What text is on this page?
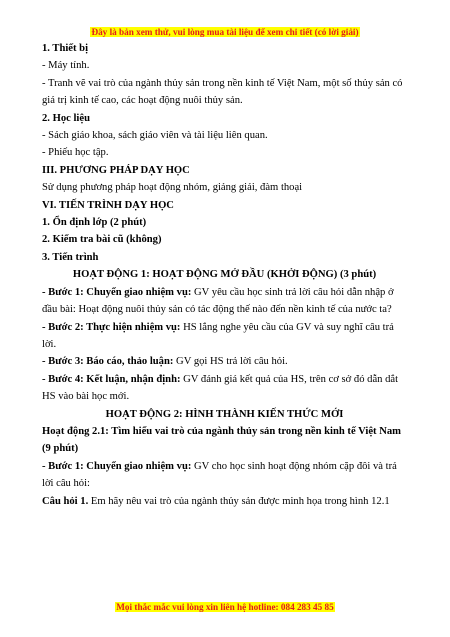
Đây là bản xem thử, vui lòng mua tài liệu để xem chi tiết (có lời giải)

1. Thiết bị

- Máy tính.

- Tranh vẽ vai trò của ngành thủy sản trong nền kinh tế Việt Nam, một số thủy sản có giá trị kinh tế cao, các hoạt động nuôi thủy sản.

2. Học liệu

- Sách giáo khoa, sách giáo viên và tài liệu liên quan.

- Phiếu học tập.

III. PHƯƠNG PHÁP DẠY HỌC

Sử dụng phương pháp hoạt động nhóm, giảng giải, đàm thoại

VI. TIẾN TRÌNH DẠY HỌC

1. Ổn định lớp (2 phút)

2. Kiểm tra bài cũ (không)

3. Tiến trình

HOẠT ĐỘNG 1: HOẠT ĐỘNG MỞ ĐẦU (KHỞI ĐỘNG) (3 phút)

- Bước 1: Chuyển giao nhiệm vụ: GV yêu cầu học sinh trả lời câu hỏi dẫn nhập ở đầu bài: Hoạt động nuôi thủy sản có tác động thế nào đến nền kinh tế của nước ta?

- Bước 2: Thực hiện nhiệm vụ: HS lắng nghe yêu cầu của GV và suy nghĩ câu trả lời.

- Bước 3: Báo cáo, thảo luận: GV gọi HS trả lời câu hỏi.

- Bước 4: Kết luận, nhận định: GV đánh giá kết quả của HS, trên cơ sở đó dẫn dắt HS vào bài học mới.

HOẠT ĐỘNG 2: HÌNH THÀNH KIẾN THỨC MỚI

Hoạt động 2.1: Tìm hiểu vai trò của ngành thủy sản trong nền kinh tế Việt Nam (9 phút)

- Bước 1: Chuyển giao nhiệm vụ: GV cho học sinh hoạt động nhóm cặp đôi và trả lời câu hỏi:

Câu hỏi 1. Em hãy nêu vai trò của ngành thủy sản được minh họa trong hình 12.1

Mọi thắc mắc vui lòng xin liên hệ hotline: 084 283 45 85
